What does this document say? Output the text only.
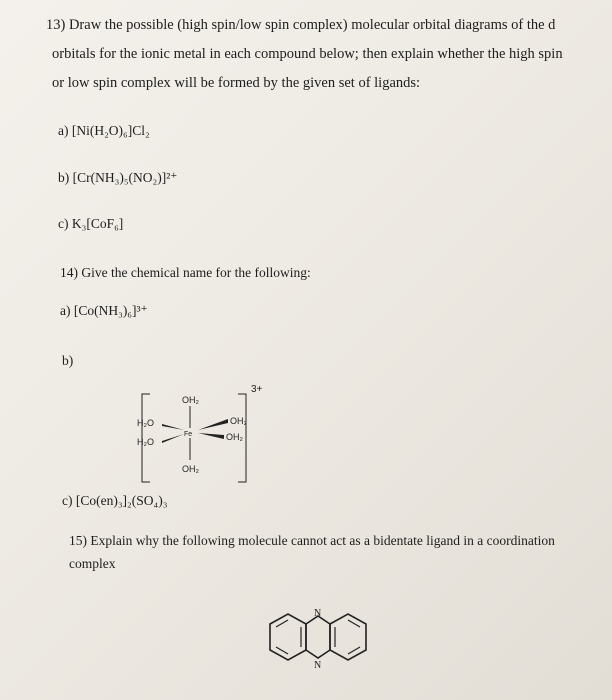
13) Draw the possible (high spin/low spin complex) molecular orbital diagrams of the d
orbitals for the ionic metal in each compound below; then explain whether the high spin
or low spin complex will be formed by the given set of ligands:
a) [Ni(H₂O)₆]Cl₂
b) [Cr(NH₃)₅(NO₂)]²⁺
c) K₃[CoF₆]
14) Give the chemical name for the following:
a) [Co(NH₃)₆]³⁺
b)
3+
Fe
OH₂
OH₂
H₂O
H₂O
OH₂
OH₂
c) [Co(en)₃]₂(SO₄)₃
15) Explain why the following molecule cannot act as a bidentate ligand in a coordination
complex
N
N
